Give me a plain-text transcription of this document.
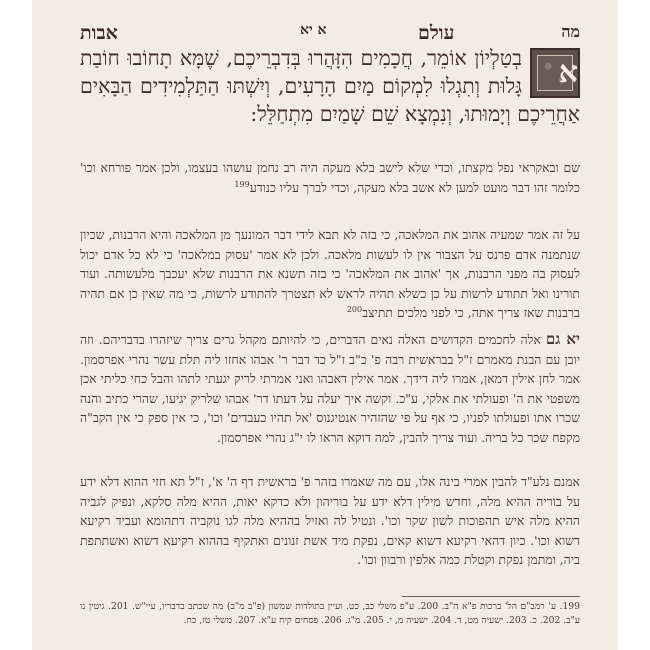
אבות	א יא	עולם	מה
א
בְטַלְיוֹן אוֹמֵר, חֲכָמִים הִזָּהֲרוּ בְּדִבְרֵיכֶם, שֶׁמָּא תָחוֹבוּ חוֹבַת גָּלוּת וְתִגְלוּ לִמְקוֹם מַיִם הָרָעִים, וְיִשְׁתּוּ הַתַּלְמִידִים הַבָּאִים אַחֲרֵיכֶם וְיָמוּתוּ, וְנִמְצָא שֵׁם שָׁמַיִם מִתְחַלֵּל:
שם ובאקראי נפל מקצתו, וכדי שלא לישב בלא מעקה היה רב נחמן עושהו בעצמו, ולכן אמר פורחא וכו' כלומר זהו דבר מועט למען לא אשב בלא מעקה, וכדי לברך עליו כנודע$^{199}$
על זה אמר שמעיה אהוב את המלאכה, כי בזה לא תבא לידי דבר המונעך מן המלאכה והיא הרבנות, שכיון שנתמנה אדם פרנס על הצבור אין לו לעשות מלאכה. ולכן לא אמר 'עסוק במלאכה' כי לא כל אדם יכול לעסוק בה מפני הרבנות, אך 'אהוב את המלאכה' כי בזה תשנא את הרבנות שלא יעכבך מלעשותה. ועוד תורינו ואל תתודע לרשות על כן כשלא תהיה לראש לא תצטרך להתודע לרשות, כי מה שאין כן אם תהיה ברבנות שאז צריך אתה, כי לפני מלכים תתיצב$^{200}$
יא גם אלה לחכמים הקדושים האלה נאים הדברים, כי להיותם מקהל גרים צריך שיזהרו בדבריהם. וזה יובן עם הבנת מאמרם ז"ל בבראשית רבה פ' כ"ב ז"ל כד דבר ר' אבהו אחזו ליה תלת עשר נהרי אפרסמון. אמר לחן אילין דמאן, אמרו ליה דידך. אמר אילין דאבהו ואני אמרתי לריק יגעתי לתהו והבל כחי כליתי אכן משפטי את ה' ופעולתי את אלקי, ע"כ. וקשה איך יעלה על דעתו דר' אבהו שלריק יגיעו, שהרי כתיב והנה שכרו אתו ופעולתו לפניו, כי אף על פי שהזהיר אנטיגנוס 'אל תהיו כעבדים' וכו', כי אין ספק כי אין הקב"ה מקפח שכר כל בריה. ועוד צריך להבין, למה דוקא הראו לו י"ג נהרי אפרסמון.
אמנם נלע"ד להבין אמרי בינה אלו, עם מה שאמרו בזהר פ' בראשית דף ה' א', ז"ל תא חזי ההוא דלא ידע על בוריה ההיא מלה, וחדש מילין דלא ידע על בוריהון ולא כדקא יאות, ההיא מלה סלקא, ונפיק לגביה ההיא מלה איש תהפוכות לשון שקר וכו'. ונטיל לה ואזיל בההיא מלה לגו נוקביה דתהומא ועביד רקיעא דשוא וכו'. כיון דהאי רקיעא דשוא קאים, נפקת מיד אשת זנונים ואתקיף בההוא רקיעא דשוא ואשתתפת ביה, ומתמן נפקת וקטלת כמה אלפין ורבוון וכו'.
199. ע' רמב"ם הל' ברכות פ"א ה"ב. 200. ע"פ משלי כב, כט. ועיין בתולדות שמשון (פ"ב מ"ב) מה שכתב בדבריו, עיי"ש. 201. גיטין נו ע"ב. 202. כ. 203. ישעיה מט, ד. 204. ישעיה מ, י. 205. מ"ג. 206. פסחים קיח ע"א. 207. משלי טז, כח.
